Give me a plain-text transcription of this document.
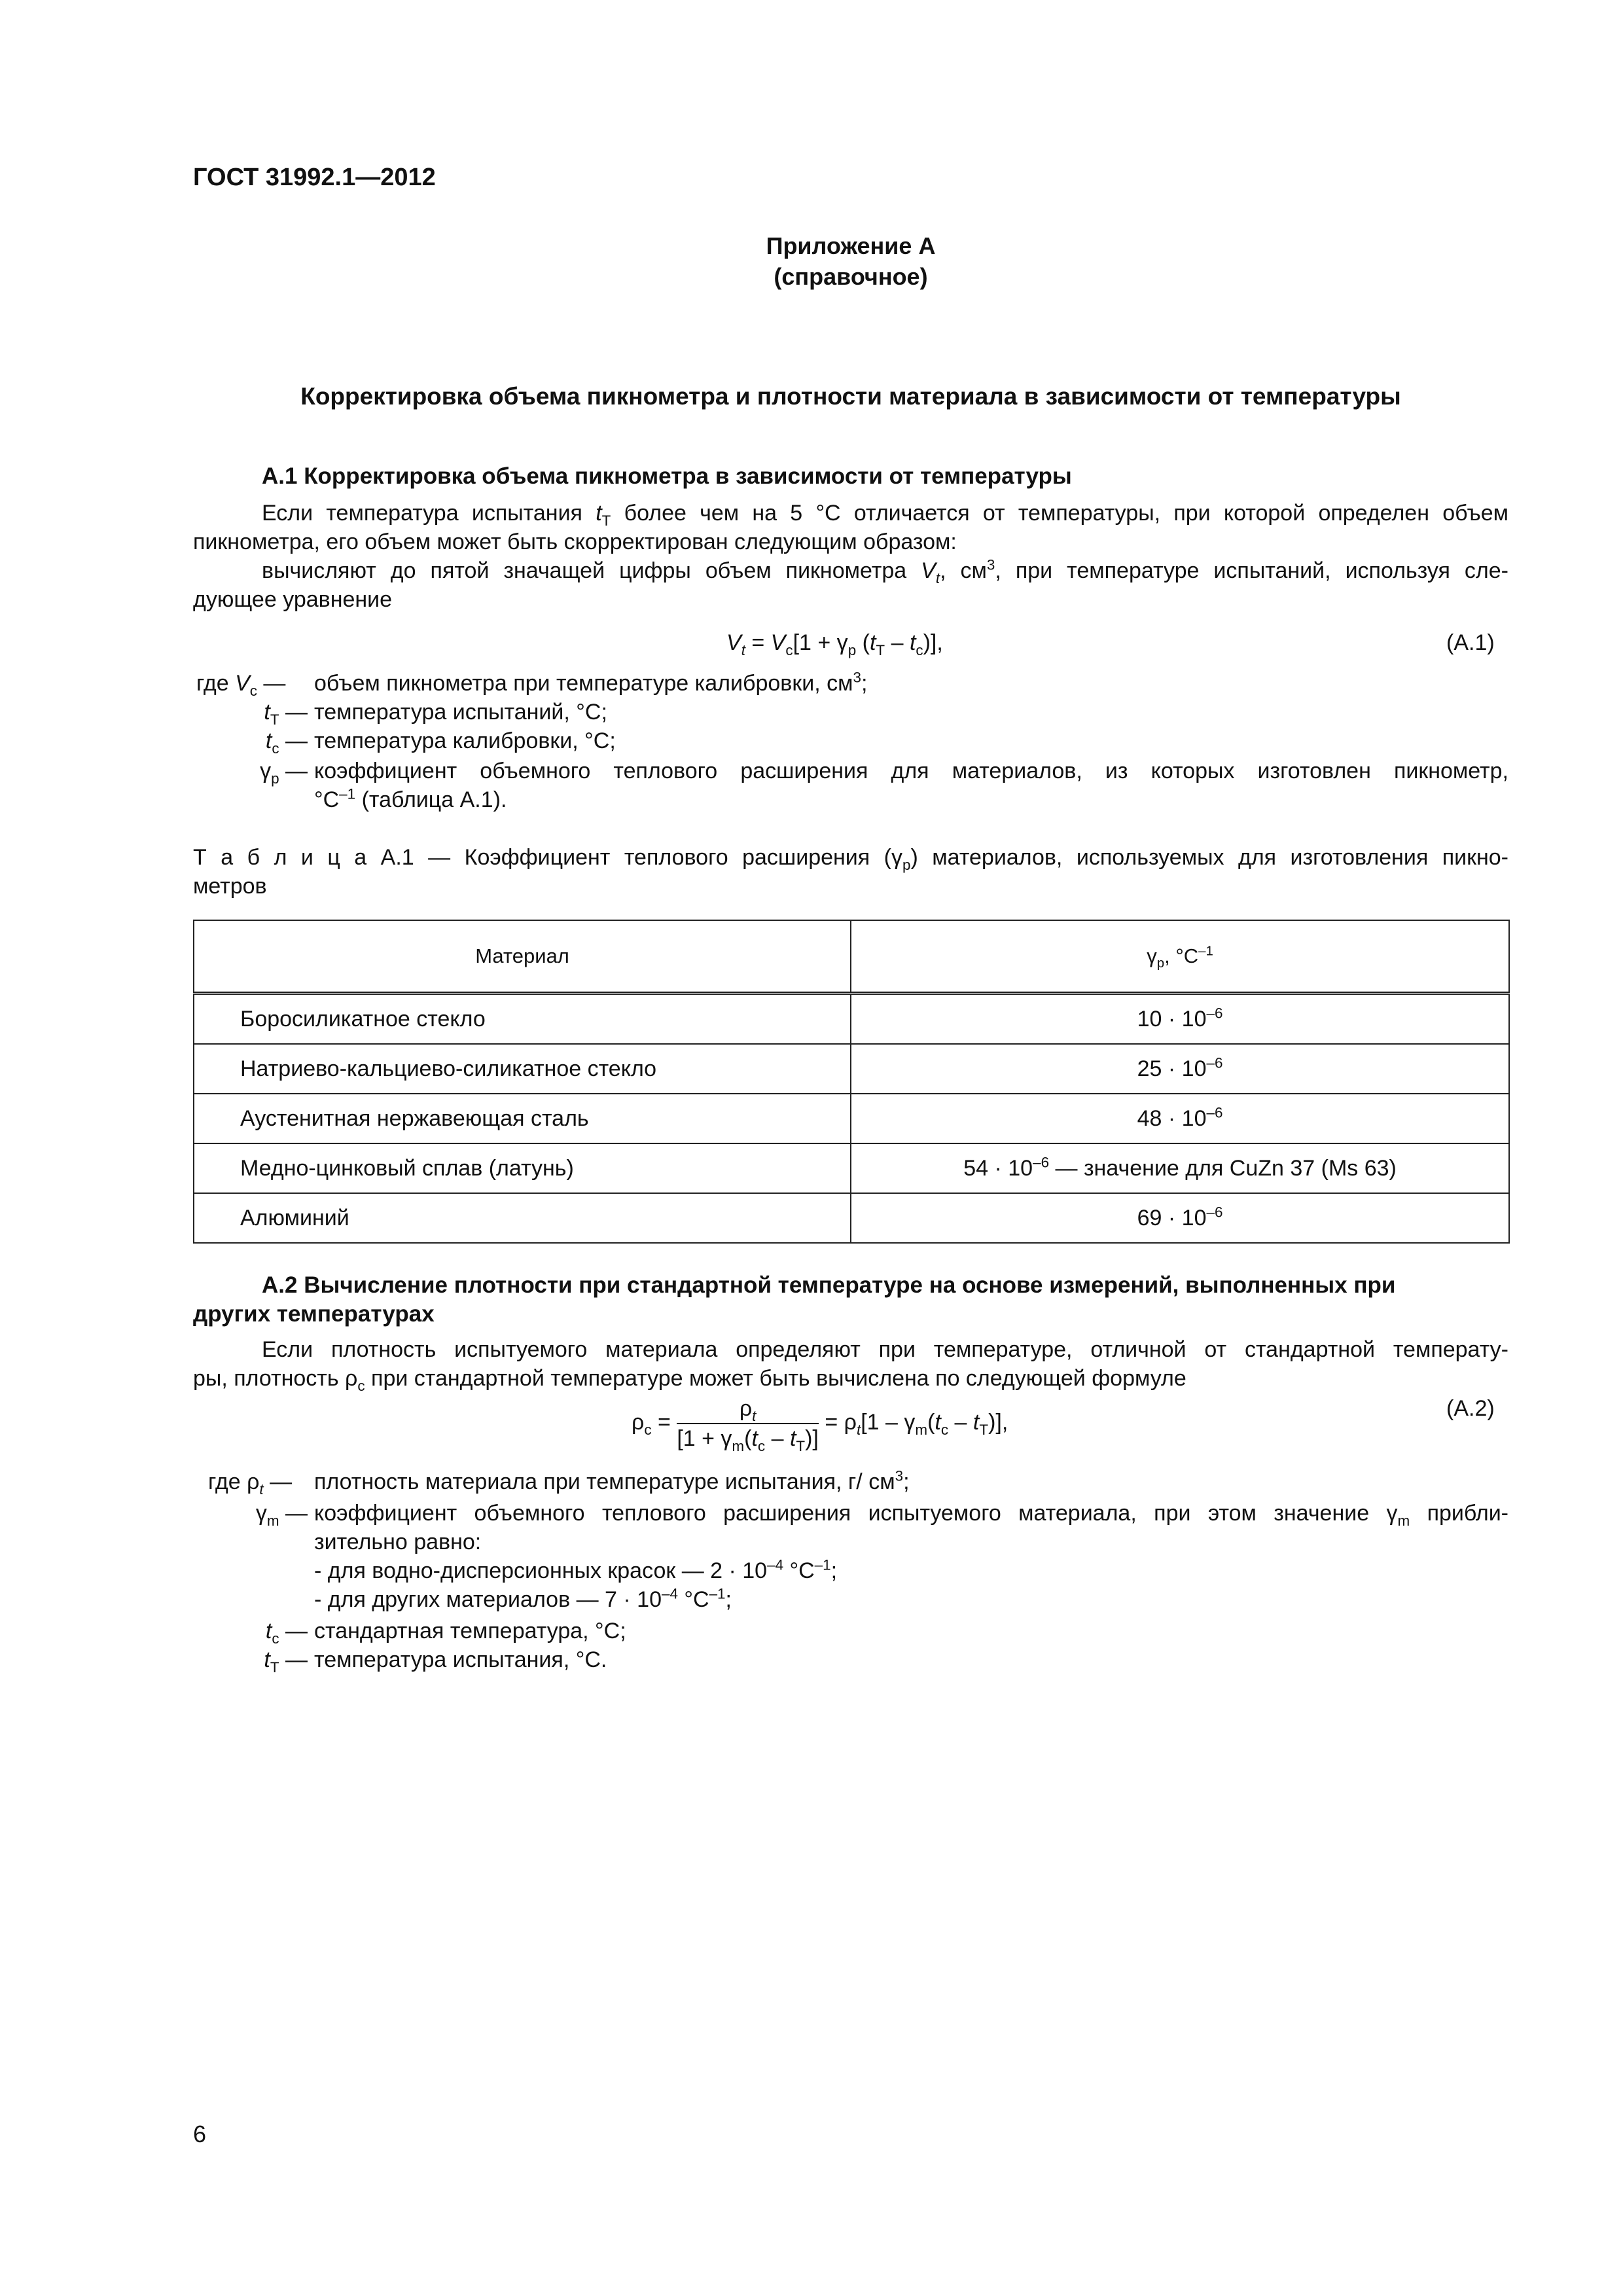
ГОСТ 31992.1—2012
Приложение А
(справочное)
Корректировка объема пикнометра и плотности материала в зависимости от температуры
А.1 Корректировка объема пикнометра в зависимости от температуры
Если температура испытания $t_Т$ более чем на 5 °С отличается от температуры, при которой определен объем
пикнометра, его объем может быть скорректирован следующим образом:
вычисляют до пятой значащей цифры объем пикнометра $V_t$, $см^3$, при температуре испытаний, используя сле-
дующее уравнение
$V_t = V_c[1 + \gamma_p$ $(t_Т - t_c)$],	(А.1)
где $V_c$ — объем пикнометра при температуре калибровки, $см^3$;
$t_Т$ — температура испытаний, °С;
$t_c$ — температура калибровки, °С;
$\gamma_p$ — коэффициент объемного теплового расширения для материалов, из которых изготовлен пикнометр,
$^\circ С^{-1}$ (таблица А.1).
Т а б л и ц а А.1 — Коэффициент теплового расширения $(\gamma_p)$ материалов, используемых для изготовления пикно-
метров
Материал	$\gamma_p$, $^\circ С^{-1}$
Боросиликатное стекло	$10 \cdot 10^{-6}$
Натриево-кальциево-силикатное стекло	$25 \cdot 10^{-6}$
Аустенитная нержавеющая сталь	$48 \cdot 10^{-6}$
Медно-цинковый сплав (латунь)	$54 \cdot 10^{-6}$ — значение для CuZn 37 (Ms 63)
Алюминий	$69 \cdot 10^{-6}$
А.2 Вычисление плотности при стандартной температуре на основе измерений, выполненных при
других температурах
Если плотность испытуемого материала определяют при температуре, отличной от стандартной температу-
ры, плотность $\rho_c$ при стандартной температуре может быть вычислена по следующей формуле
$\rho_c = \frac{\rho_t}{[1 + \gamma_m(t_c - t_Т)]} = \rho_t[1 - \gamma_m(t_c - t_Т)]$,
(А.2)
где $\rho_t$ — плотность материала при температуре испытания, г/ $см^3$;
$\gamma_m$ — коэффициент объемного теплового расширения испытуемого материала, при этом значение $\gamma_m$ прибли-
зительно равно:
- для водно-дисперсионных красок — $2 \cdot 10^{-4}$ $^\circ С^{-1}$;
- для других материалов — $7 \cdot 10^{-4}$ $^\circ С^{-1}$;
$t_c$ — стандартная температура, °С;
$t_Т$ — температура испытания, °С.
6
